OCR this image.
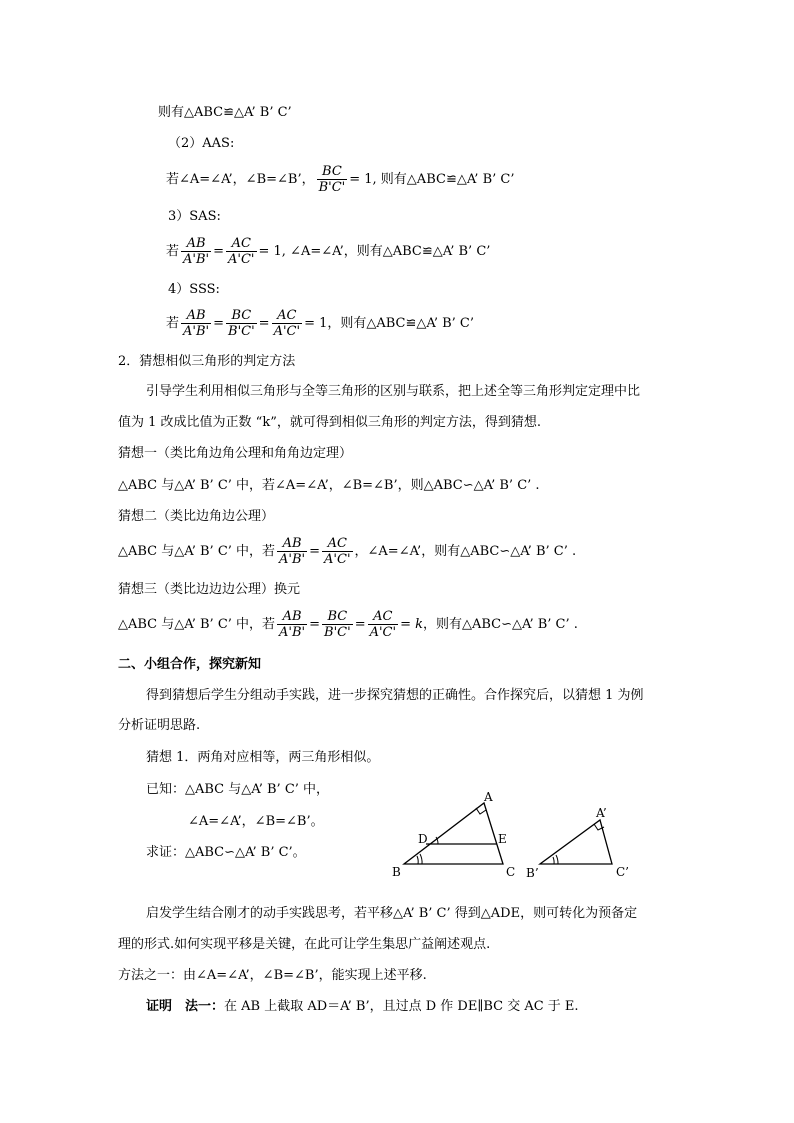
则有△ABC≌△A’ B’ C’
（2）AAS:
若∠A=∠A’，∠B=∠B’， $\frac{BC}{B'C'} = 1$, 则有△ABC≌△A’ B’ C’
3）SAS:
若 $\frac{AB}{A'B'} = \frac{AC}{A'C'} = 1$, ∠A=∠A’，则有△ABC≌△A’ B’ C’
4）SSS:
若 $\frac{AB}{A'B'} = \frac{BC}{B'C'} = \frac{AC}{A'C'} = 1$，则有△ABC≌△A’ B’ C’
2．猜想相似三角形的判定方法
引导学生利用相似三角形与全等三角形的区别与联系，把上述全等三角形判定定理中比
值为 1 改成比值为正数 “k”，就可得到相似三角形的判定方法，得到猜想.
猜想一（类比角边角公理和角角边定理）
△ABC 与△A’ B’ C’ 中，若∠A=∠A’，∠B=∠B’，则△ABC∽△A’ B’ C’ .
猜想二（类比边角边公理）
△ABC 与△A’ B’ C’ 中，若 $\frac{AB}{A'B'} = \frac{AC}{A'C'}$ ，∠A=∠A’，则有△ABC∽△A’ B’ C’ .
猜想三（类比边边边公理）换元
△ABC 与△A’ B’ C’ 中，若 $\frac{AB}{A'B'} = \frac{BC}{B'C'} = \frac{AC}{A'C'} = k$，则有△ABC∽△A’ B’ C’ .
二、小组合作，探究新知
得到猜想后学生分组动手实践，进一步探究猜想的正确性。合作探究后，以猜想 1 为例
分析证明思路.
猜想 1．两角对应相等，两三角形相似。
已知：△ABC 与△A’ B’ C’ 中，
∠A=∠A’，∠B=∠B’。
求证：△ABC∽△A’ B’ C’。
A
B	C
D	E
A’
B’	C’
启发学生结合刚才的动手实践思考，若平移△A’ B’ C’ 得到△ADE，则可转化为预备定
理的形式.如何实现平移是关键，在此可让学生集思广益阐述观点.
方法之一：由∠A=∠A’，∠B=∠B’，能实现上述平移.
证明　法一：在 AB 上截取 AD＝A’ B’，且过点 D 作 DE∥BC 交 AC 于 E.
